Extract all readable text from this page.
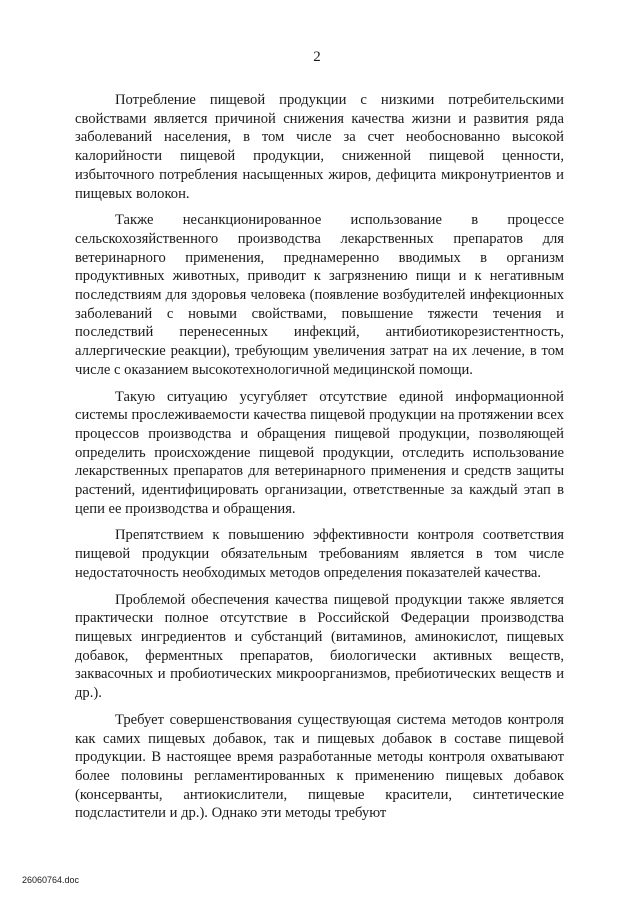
2

Потребление пищевой продукции с низкими потребительскими свойствами является причиной снижения качества жизни и развития ряда заболеваний населения, в том числе за счет необоснованно высокой калорийности пищевой продукции, сниженной пищевой ценности, избыточного потребления насыщенных жиров, дефицита микронутриентов и пищевых волокон.

Также несанкционированное использование в процессе сельскохозяйственного производства лекарственных препаратов для ветеринарного применения, преднамеренно вводимых в организм продуктивных животных, приводит к загрязнению пищи и к негативным последствиям для здоровья человека (появление возбудителей инфекционных заболеваний с новыми свойствами, повышение тяжести течения и последствий перенесенных инфекций, антибиотикорезистентность, аллергические реакции), требующим увеличения затрат на их лечение, в том числе с оказанием высокотехнологичной медицинской помощи.

Такую ситуацию усугубляет отсутствие единой информационной системы прослеживаемости качества пищевой продукции на протяжении всех процессов производства и обращения пищевой продукции, позволяющей определить происхождение пищевой продукции, отследить использование лекарственных препаратов для ветеринарного применения и средств защиты растений, идентифицировать организации, ответственные за каждый этап в цепи ее производства и обращения.

Препятствием к повышению эффективности контроля соответствия пищевой продукции обязательным требованиям является в том числе недостаточность необходимых методов определения показателей качества.

Проблемой обеспечения качества пищевой продукции также является практически полное отсутствие в Российской Федерации производства пищевых ингредиентов и субстанций (витаминов, аминокислот, пищевых добавок, ферментных препаратов, биологически активных веществ, заквасочных и пробиотических микроорганизмов, пребиотических веществ и др.).

Требует совершенствования существующая система методов контроля как самих пищевых добавок, так и пищевых добавок в составе пищевой продукции. В настоящее время разработанные методы контроля охватывают более половины регламентированных к применению пищевых добавок (консерванты, антиокислители, пищевые красители, синтетические подсластители и др.). Однако эти методы требуют

26060764.doc
